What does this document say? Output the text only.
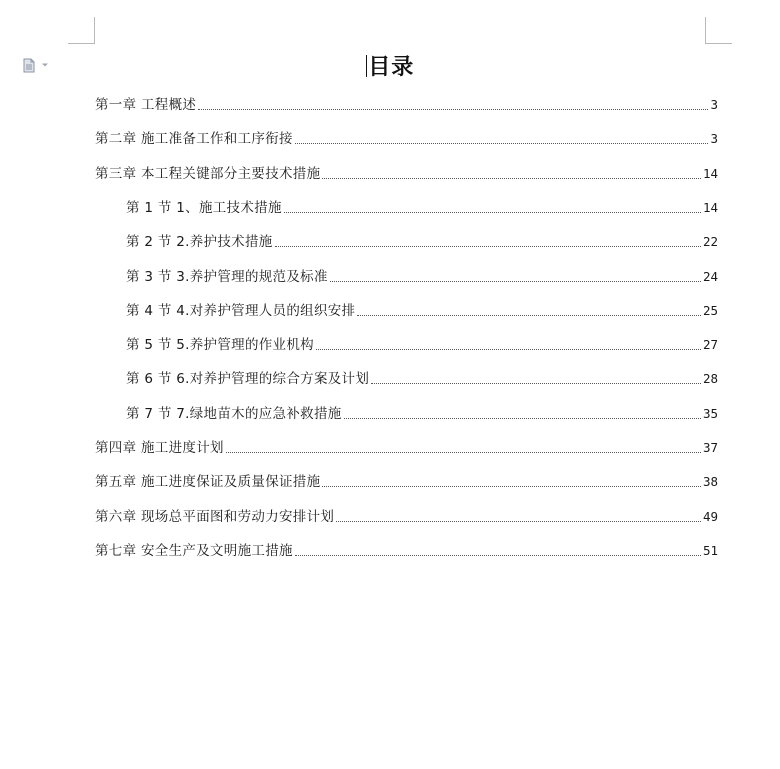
目录
第一章 工程概述	3
第二章 施工准备工作和工序衔接	3
第三章 本工程关键部分主要技术措施	14
第 1 节 1、施工技术措施	14
第 2 节 2.养护技术措施	22
第 3 节 3.养护管理的规范及标准	24
第 4 节 4.对养护管理人员的组织安排	25
第 5 节 5.养护管理的作业机构	27
第 6 节 6.对养护管理的综合方案及计划	28
第 7 节 7.绿地苗木的应急补救措施	35
第四章 施工进度计划	37
第五章 施工进度保证及质量保证措施	38
第六章 现场总平面图和劳动力安排计划	49
第七章 安全生产及文明施工措施	51
